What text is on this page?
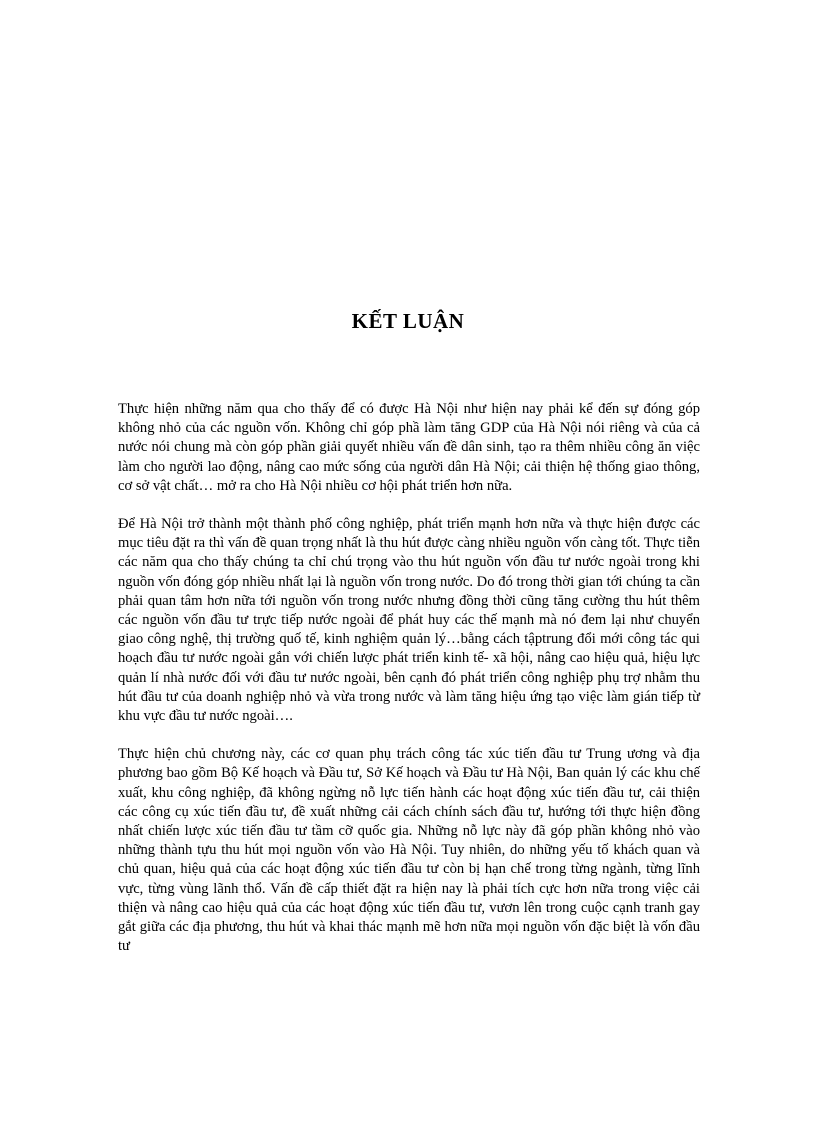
KẾT LUẬN

Thực hiện những năm qua cho thấy để có được Hà Nội như hiện nay phải kể đến sự đóng góp không nhỏ của các nguồn vốn. Không chỉ góp phầ làm tăng GDP của Hà Nội nói riêng và của cả nước nói chung mà còn góp phần giải quyết nhiều vấn đề dân sinh, tạo ra thêm nhiều công ăn việc làm cho người lao động, nâng cao mức sống của người dân Hà Nội; cải thiện hệ thống giao thông, cơ sở vật chất… mở ra cho Hà Nội nhiều cơ hội phát triển hơn nữa.

Để Hà Nội trở thành một thành phố công nghiệp, phát triển mạnh hơn nữa và thực hiện được các mục tiêu đặt ra thì vấn đề quan trọng nhất là thu hút được càng nhiều nguồn vốn càng tốt. Thực tiễn các năm qua cho thấy chúng ta chỉ chú trọng vào thu hút nguồn vốn đầu tư nước ngoài trong khi nguồn vốn đóng góp nhiều nhất lại là nguồn vốn trong nước. Do đó trong thời gian tới chúng ta cần phải quan tâm hơn nữa tới nguồn vốn trong nước nhưng đồng thời cũng tăng cường thu hút thêm các nguồn vốn đầu tư trực tiếp nước ngoài để phát huy các thế mạnh mà nó đem lại như chuyển giao công nghệ, thị trường quố tế, kinh nghiệm quản lý…bằng cách tậptrung đổi mới công tác qui hoạch đầu tư nước ngoài gắn với chiến lược phát triển kinh tế- xã hội, nâng cao hiệu quả, hiệu lực quản lí nhà nước đối với đầu tư nước ngoài, bên cạnh đó phát triển công nghiệp phụ trợ nhằm thu hút đầu tư của doanh nghiệp nhỏ và vừa trong nước và làm tăng hiệu ứng tạo việc làm gián tiếp từ khu vực đầu tư nước ngoài….

Thực hiện chủ chương này, các cơ quan phụ trách công tác xúc tiến đầu tư Trung ương và địa phương bao gồm Bộ Kế hoạch và Đầu tư, Sở Kế hoạch và Đầu tư Hà Nội, Ban quản lý các khu chế xuất, khu công nghiệp, đã không ngừng nỗ lực tiến hành các hoạt động xúc tiến đầu tư, cải thiện các công cụ xúc tiến đầu tư, đề xuất những cải cách chính sách đầu tư, hướng tới thực hiện đồng nhất chiến lược xúc tiến đầu tư tầm cỡ quốc gia. Những nỗ lực này đã góp phần không nhỏ vào những thành tựu thu hút mọi nguồn vốn vào Hà Nội. Tuy nhiên, do những yếu tố khách quan và chủ quan, hiệu quả của các hoạt động xúc tiến đầu tư còn bị hạn chế trong từng ngành, từng lĩnh vực, từng vùng lãnh thổ. Vấn đề cấp thiết đặt ra hiện nay là phải tích cực hơn nữa trong việc cải thiện và nâng cao hiệu quả của các hoạt động xúc tiến đầu tư, vươn lên trong cuộc cạnh tranh gay gắt giữa các địa phương, thu hút và khai thác mạnh mẽ hơn nữa mọi nguồn vốn đặc biệt là vốn đầu tư
